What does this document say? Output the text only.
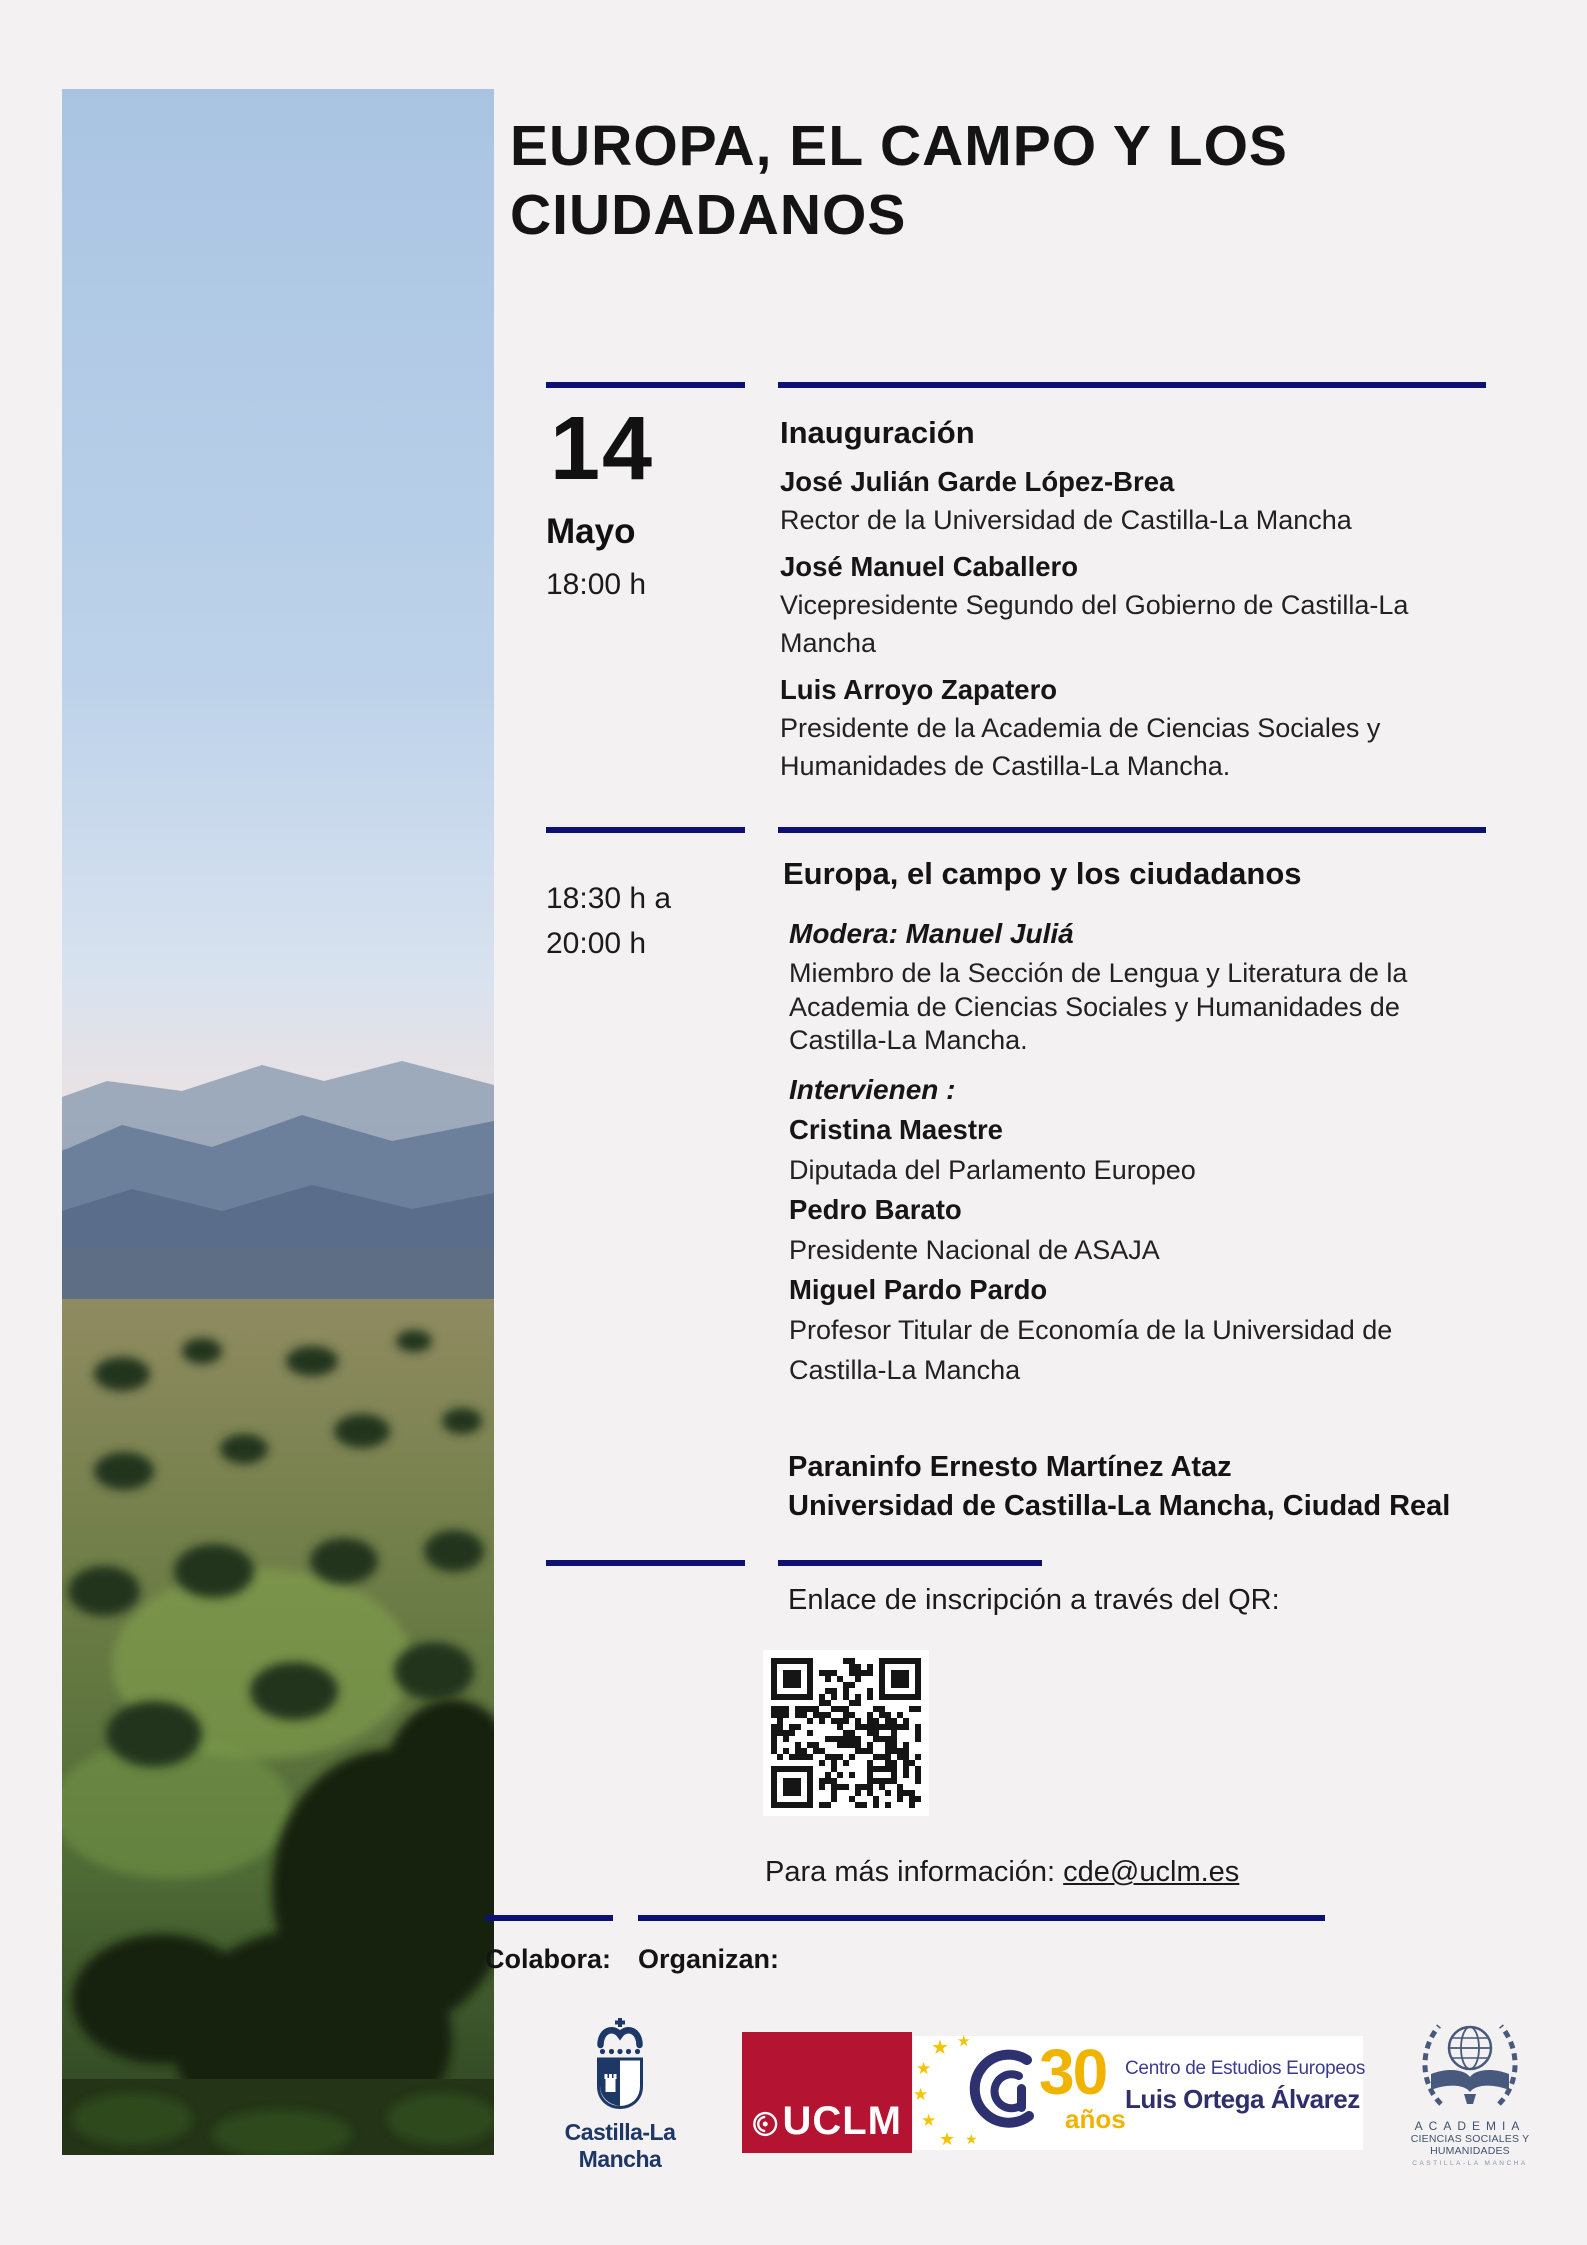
EUROPA, EL CAMPO Y LOS CIUDADANOS
14
Mayo
18:00 h
Inauguración
José Julián Garde López-Brea
Rector de la Universidad de Castilla-La Mancha
José Manuel Caballero
Vicepresidente Segundo del Gobierno de Castilla-La Mancha
Luis Arroyo Zapatero
Presidente de la Academia de Ciencias Sociales y Humanidades de Castilla-La Mancha.
18:30 h a 20:00 h
Europa, el campo y los ciudadanos
Modera: Manuel Juliá
Miembro de la Sección de Lengua y Literatura de la Academia de Ciencias Sociales y Humanidades de Castilla-La Mancha.
Intervienen :
Cristina Maestre
Diputada del Parlamento Europeo
Pedro Barato
Presidente Nacional de ASAJA
Miguel Pardo Pardo
Profesor Titular de Economía de la Universidad de Castilla-La Mancha
Paraninfo Ernesto Martínez Ataz
Universidad de Castilla-La Mancha, Ciudad Real
Enlace de inscripción a través del QR:
Para más información: cde@uclm.es
Colabora: Organizan:
Castilla-La Mancha
UCLM
★
★
★
★
★
★
★
30
años
Centro de Estudios Europeos
Luis Ortega Álvarez
ACADEMIA
CIENCIAS SOCIALES Y HUMANIDADES
CASTILLA-LA MANCHA
